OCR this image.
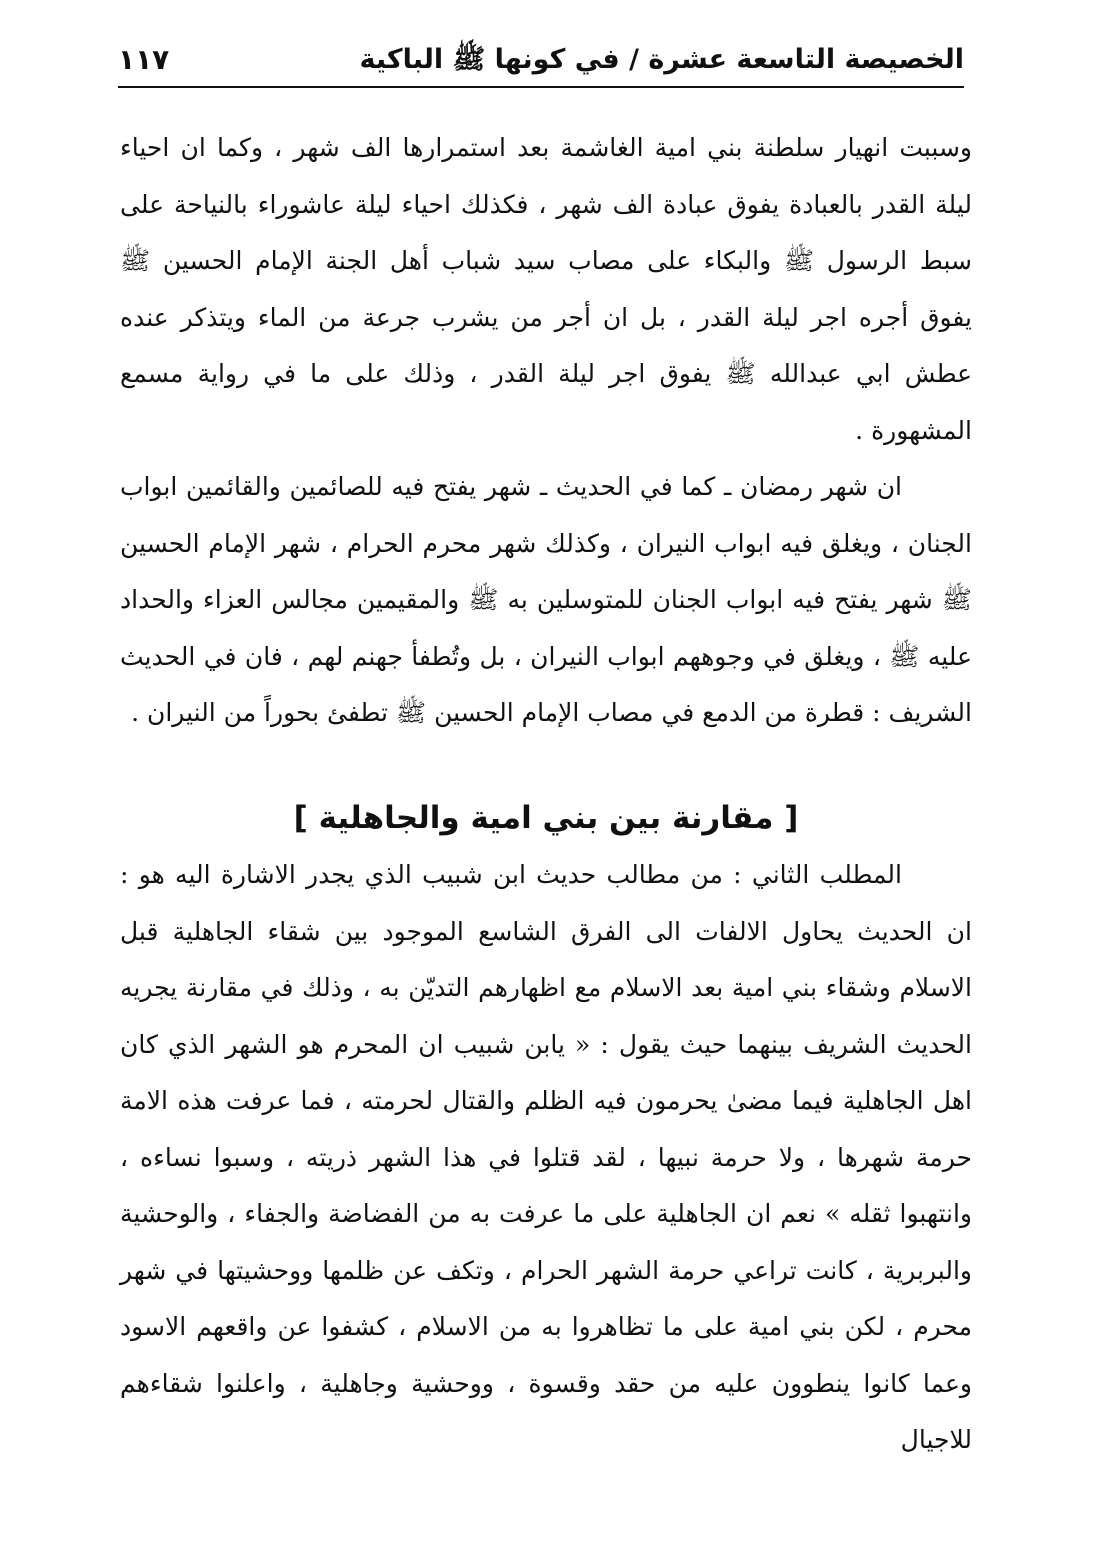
الخصيصة التاسعة عشرة / في كونها ﷺ الباكية
١١٧

وسببت انهيار سلطنة بني امية الغاشمة بعد استمرارها الف شهر ، وكما ان احياء ليلة القدر بالعبادة يفوق عبادة الف شهر ، فكذلك احياء ليلة عاشوراء بالنياحة على سبط الرسول ﷺ والبكاء على مصاب سيد شباب أهل الجنة الإمام الحسين ﷺ يفوق أجره اجر ليلة القدر ، بل ان أجر من يشرب جرعة من الماء ويتذكر عنده عطش ابي عبدالله ﷺ يفوق اجر ليلة القدر ، وذلك على ما في رواية مسمع المشهورة .

ان شهر رمضان ـ كما في الحديث ـ شهر يفتح فيه للصائمين والقائمين ابواب الجنان ، ويغلق فيه ابواب النيران ، وكذلك شهر محرم الحرام ، شهر الإمام الحسين ﷺ شهر يفتح فيه ابواب الجنان للمتوسلين به ﷺ والمقيمين مجالس العزاء والحداد عليه ﷺ ، ويغلق في وجوههم ابواب النيران ، بل وتُطفأ جهنم لهم ، فان في الحديث الشريف : قطرة من الدمع في مصاب الإمام الحسين ﷺ تطفئ بحوراً من النيران .

[ مقارنة بين بني امية والجاهلية ]

المطلب الثاني : من مطالب حديث ابن شبيب الذي يجدر الاشارة اليه هو : ان الحديث يحاول الالفات الى الفرق الشاسع الموجود بين شقاء الجاهلية قبل الاسلام وشقاء بني امية بعد الاسلام مع اظهارهم التديّن به ، وذلك في مقارنة يجريه الحديث الشريف بينهما حيث يقول : « يابن شبيب ان المحرم هو الشهر الذي كان اهل الجاهلية فيما مضىٰ يحرمون فيه الظلم والقتال لحرمته ، فما عرفت هذه الامة حرمة شهرها ، ولا حرمة نبيها ، لقد قتلوا في هذا الشهر ذريته ، وسبوا نساءه ، وانتهبوا ثقله » نعم ان الجاهلية على ما عرفت به من الفضاضة والجفاء ، والوحشية والبربرية ، كانت تراعي حرمة الشهر الحرام ، وتكف عن ظلمها ووحشيتها في شهر محرم ، لكن بني امية على ما تظاهروا به من الاسلام ، كشفوا عن واقعهم الاسود وعما كانوا ينطوون عليه من حقد وقسوة ، ووحشية وجاهلية ، واعلنوا شقاءهم للاجيال
